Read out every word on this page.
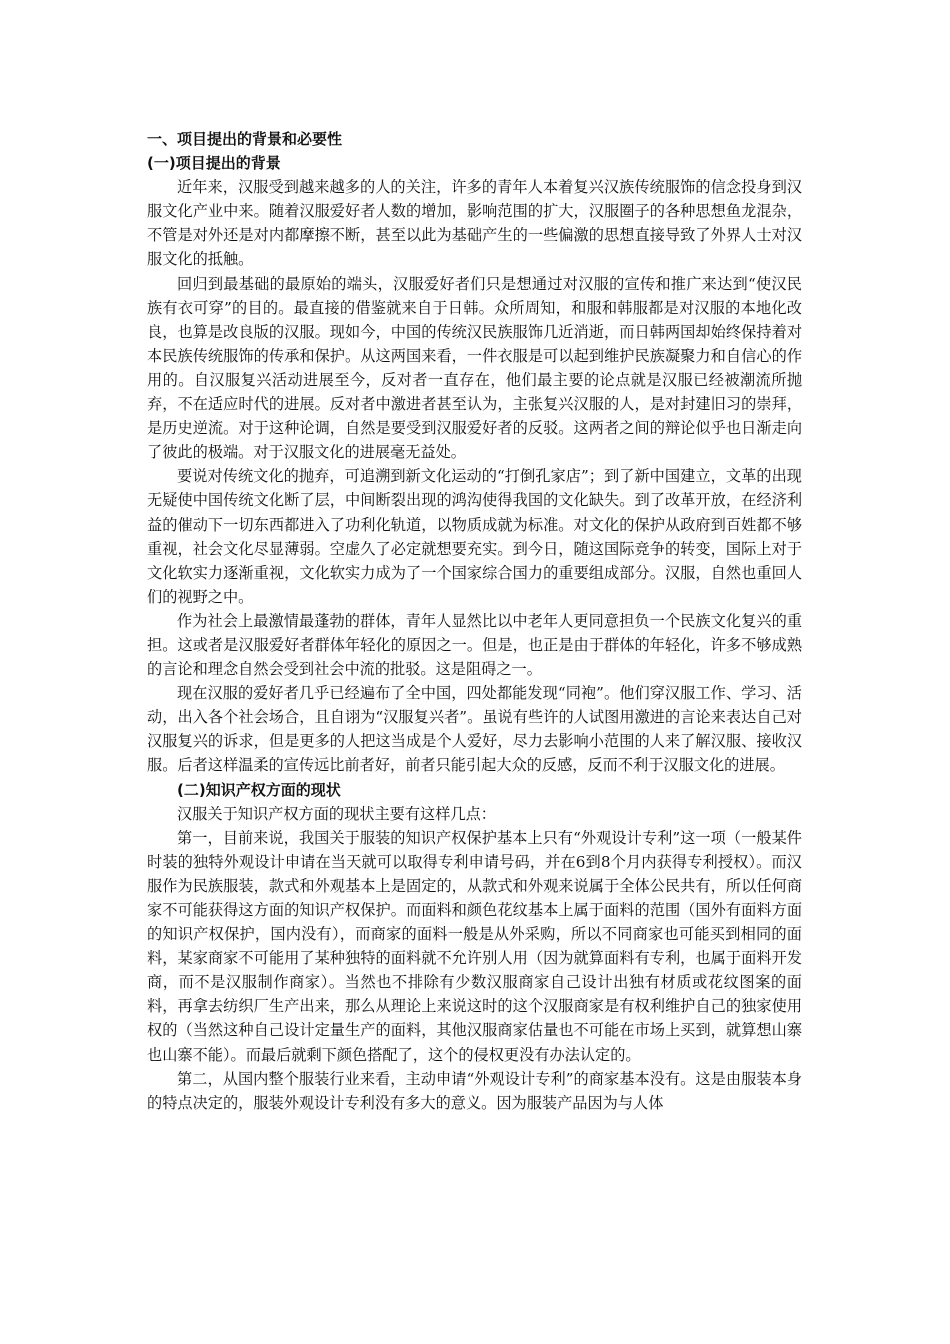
一、项目提出的背景和必要性
(一)项目提出的背景

近年来，汉服受到越来越多的人的关注，许多的青年人本着复兴汉族传统服饰的信念投身到汉服文化产业中来。随着汉服爱好者人数的增加，影响范围的扩大，汉服圈子的各种思想鱼龙混杂，不管是对外还是对内都摩擦不断，甚至以此为基础产生的一些偏激的思想直接导致了外界人士对汉服文化的抵触。

回归到最基础的最原始的端头，汉服爱好者们只是想通过对汉服的宣传和推广来达到“使汉民族有衣可穿”的目的。最直接的借鉴就来自于日韩。众所周知，和服和韩服都是对汉服的本地化改良，也算是改良版的汉服。现如今，中国的传统汉民族服饰几近消逝，而日韩两国却始终保持着对本民族传统服饰的传承和保护。从这两国来看，一件衣服是可以起到维护民族凝聚力和自信心的作用的。自汉服复兴活动进展至今，反对者一直存在，他们最主要的论点就是汉服已经被潮流所抛弃，不在适应时代的进展。反对者中激进者甚至认为，主张复兴汉服的人，是对封建旧习的崇拜，是历史逆流。对于这种论调，自然是要受到汉服爱好者的反驳。这两者之间的辩论似乎也日渐走向了彼此的极端。对于汉服文化的进展毫无益处。

要说对传统文化的抛弃，可追溯到新文化运动的“打倒孔家店”；到了新中国建立，文革的出现无疑使中国传统文化断了层，中间断裂出现的鸿沟使得我国的文化缺失。到了改革开放，在经济利益的催动下一切东西都进入了功利化轨道，以物质成就为标准。对文化的保护从政府到百姓都不够重视，社会文化尽显薄弱。空虚久了必定就想要充实。到今日，随这国际竞争的转变，国际上对于文化软实力逐渐重视，文化软实力成为了一个国家综合国力的重要组成部分。汉服，自然也重回人们的视野之中。

作为社会上最激情最蓬勃的群体，青年人显然比以中老年人更同意担负一个民族文化复兴的重担。这或者是汉服爱好者群体年轻化的原因之一。但是，也正是由于群体的年轻化，许多不够成熟的言论和理念自然会受到社会中流的批驳。这是阻碍之一。

现在汉服的爱好者几乎已经遍布了全中国，四处都能发现“同袍”。他们穿汉服工作、学习、活动，出入各个社会场合，且自诩为“汉服复兴者”。虽说有些许的人试图用激进的言论来表达自己对汉服复兴的诉求，但是更多的人把这当成是个人爱好，尽力去影响小范围的人来了解汉服、接收汉服。后者这样温柔的宣传远比前者好，前者只能引起大众的反感，反而不利于汉服文化的进展。

(二)知识产权方面的现状

汉服关于知识产权方面的现状主要有这样几点：

第一，目前来说，我国关于服装的知识产权保护基本上只有“外观设计专利”这一项（一般某件时装的独特外观设计申请在当天就可以取得专利申请号码，并在6到8个月内获得专利授权）。而汉服作为民族服装，款式和外观基本上是固定的，从款式和外观来说属于全体公民共有，所以任何商家不可能获得这方面的知识产权保护。而面料和颜色花纹基本上属于面料的范围（国外有面料方面的知识产权保护，国内没有），而商家的面料一般是从外采购，所以不同商家也可能买到相同的面料，某家商家不可能用了某种独特的面料就不允许别人用（因为就算面料有专利，也属于面料开发商，而不是汉服制作商家）。当然也不排除有少数汉服商家自己设计出独有材质或花纹图案的面料，再拿去纺织厂生产出来，那么从理论上来说这时的这个汉服商家是有权利维护自己的独家使用权的（当然这种自己设计定量生产的面料，其他汉服商家估量也不可能在市场上买到，就算想山寨也山寨不能）。而最后就剩下颜色搭配了，这个的侵权更没有办法认定的。

第二，从国内整个服装行业来看，主动申请“外观设计专利”的商家基本没有。这是由服装本身的特点决定的，服装外观设计专利没有多大的意义。因为服装产品因为与人体
